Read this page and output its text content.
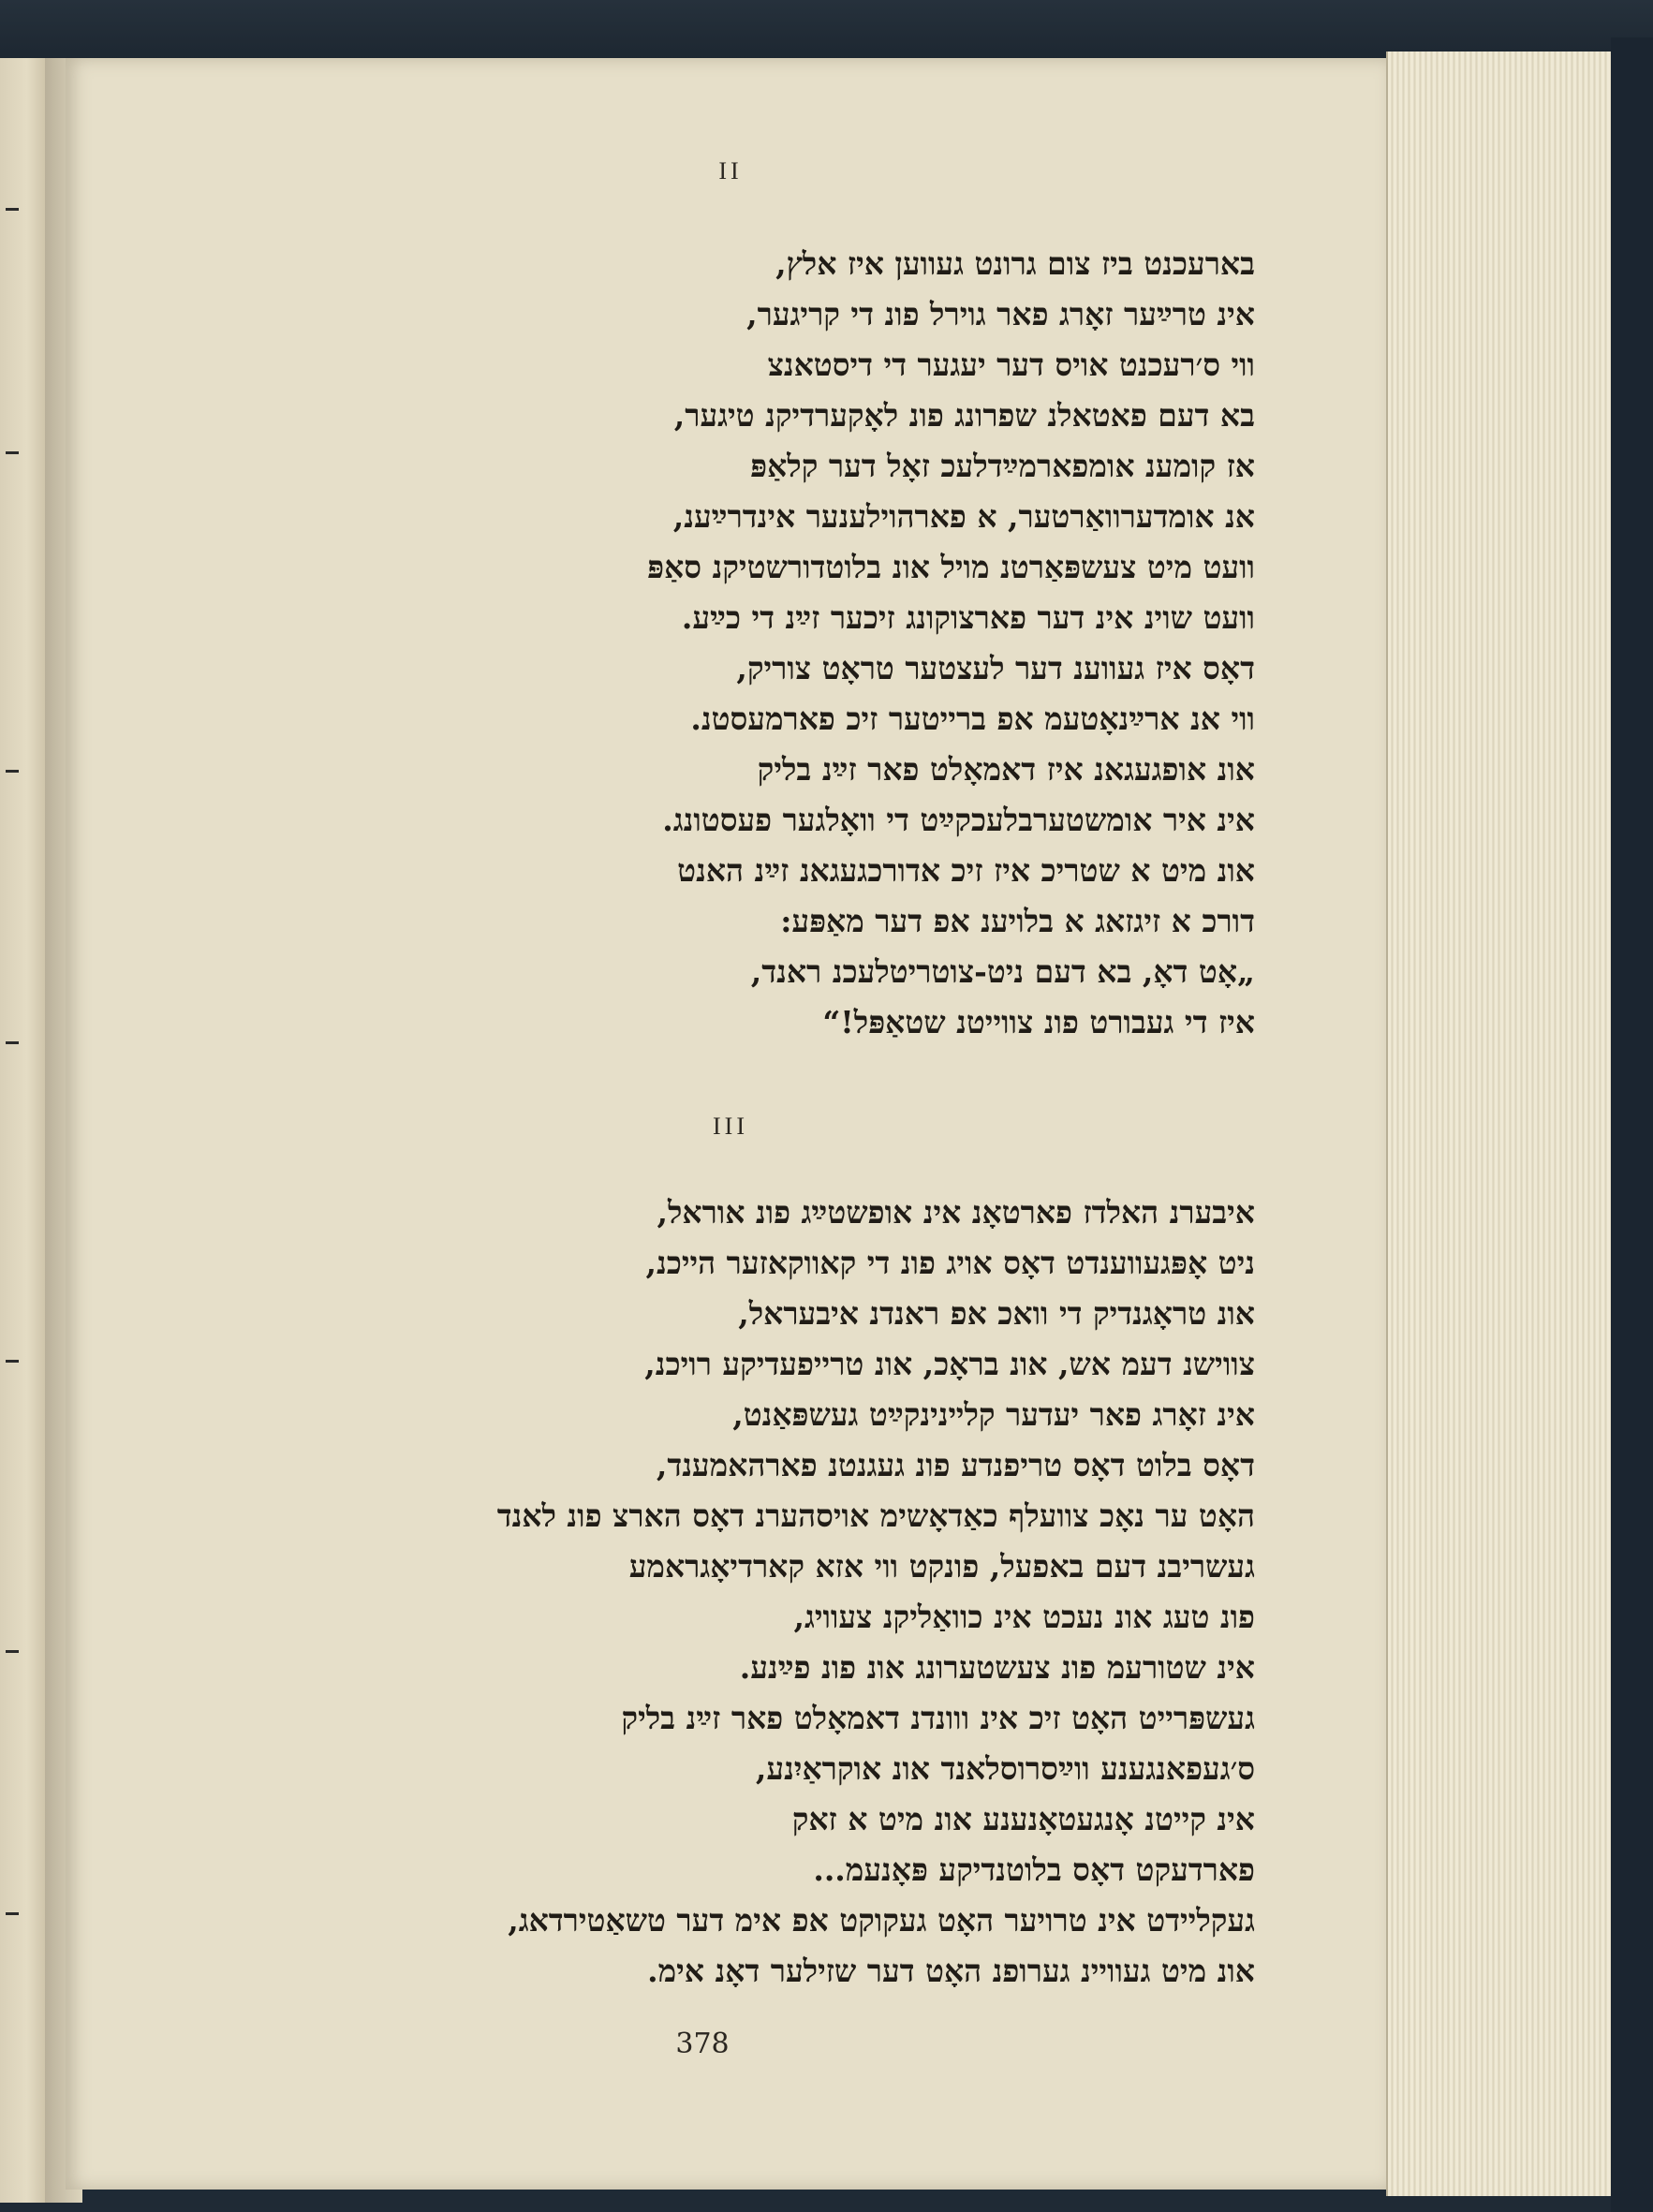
II
בארעכנט ביז צום גרונט געווען איז אלץ,
אינ טרײַער זאָרג פאר גוירל פונ די קריגער,
ווי ס׳רעכנט אויס דער יעגער די דיסטאנצ
בא דעם פאטאלנ שפרונג פונ לאָקערדיקנ טיגער,
אז קומענ אומפארמײַדלעכ זאָל דער קלאַפּ
אנ אומדערוואַרטער, א פארהוילענער אינדרײַענ,
וועט מיט צעשפּאַרטנ מויל אונ בלוטדורשטיקנ סאַפּ
וועט שוינ אינ דער פארצוקונג זיכער זײַנ די כײַע.
דאָס איז געווענ דער לעצטער טראָט צוריק,
ווי אנ ארײַנאָטעמ אפ ברייטער זיכ פארמעסטנ.
אונ אופגעגאנ איז דאמאָלט פאר זײַנ בליק
אינ איר אומשטערבלעכקײַט די וואָלגער פעסטונג.
אונ מיט א שטריכ איז זיכ אדורכגעגאנ זײַנ האנט
דורכ א זיגזאג א בלויענ אפ דער מאַפּע:
„אָט דאָ, בא דעם ניט-צוטריטלעכנ ראנד,
איז די געבורט פונ צווייטנ שטאַפּל!“
III
איבערנ האלדז פארטאָנ אינ אופשטײַג פונ אוראל,
ניט אָפּגעווענדט דאָס אויג פונ די קאווקאזער הייכנ,
אונ טראָגנדיק די וואכ אפ ראנדנ איבעראל,
צווישנ דעמ אש, אונ בראָכ, אונ טרייפעדיקע רויכנ,
אינ זאָרג פאר יעדער קלײנינקײַט געשפּאַנט,
דאָס בלוט דאָס טריפנדע פונ געגנטנ פארהאמענד,
האָט ער נאָכ צוועלף כאַדאָשימ אויסהערנ דאָס הארצ פונ לאנד
געשריבנ דעם באפעל, פונקט ווי אזא קארדיאָגראמע
פונ טעג אונ נעכט אינ כוואַליקנ צעוויג,
אינ שטורעמ פונ צעשטערונג אונ פונ פײַנע.
געשפּרייט האָט זיכ אינ ווונדנ דאמאָלט פאר זײַנ בליק
ס׳געפאנגענע ווײַסרוסלאנד אונ אוקראַיִנע,
אינ קייטנ אָנגעטאָנענע אונ מיט א זאק
פארדעקט דאָס בלוטנדיקע פּאָנעמ...
געקליידט אינ טרויער האָט געקוקט אפ אימ דער טשאַטירדאג,
אונ מיט געוויינ גערופנ האָט דער שזילער דאָנ אימ.
378
